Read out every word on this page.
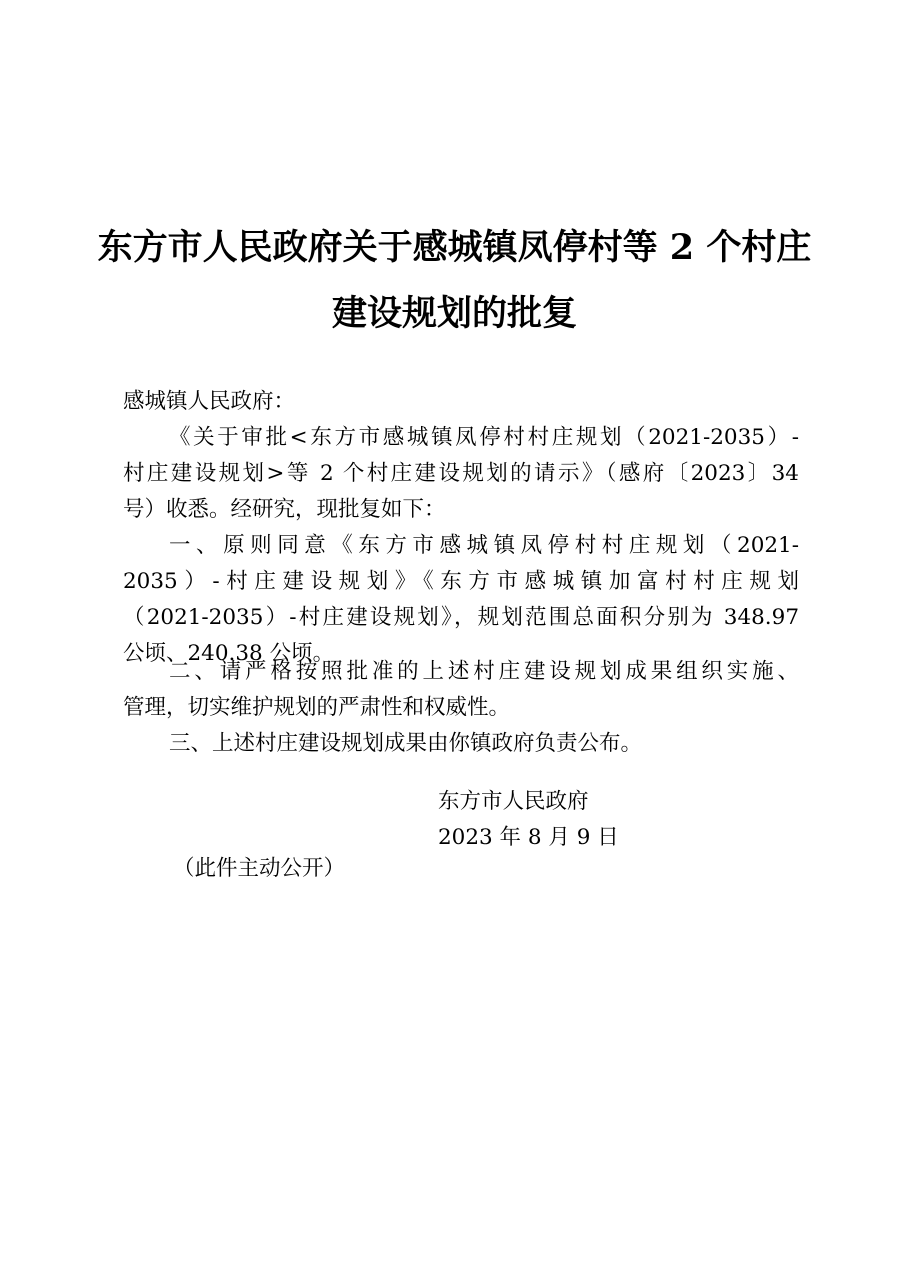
东方市人民政府关于感城镇凤停村等 2 个村庄
建设规划的批复
感城镇人民政府：
《关于审批<东方市感城镇凤停村村庄规划（2021-2035）-
村庄建设规划>等 2 个村庄建设规划的请示》（感府〔2023〕34
号）收悉。经研究，现批复如下：
一、原则同意《东方市感城镇凤停村村庄规划（2021-
2035）-村庄建设规划》《东方市感城镇加富村村庄规划
（2021-2035）-村庄建设规划》，规划范围总面积分别为 348.97
公顷、240.38 公顷。
二、请严格按照批准的上述村庄建设规划成果组织实施、
管理，切实维护规划的严肃性和权威性。
三、上述村庄建设规划成果由你镇政府负责公布。
东方市人民政府
2023 年 8 月 9 日
（此件主动公开）
